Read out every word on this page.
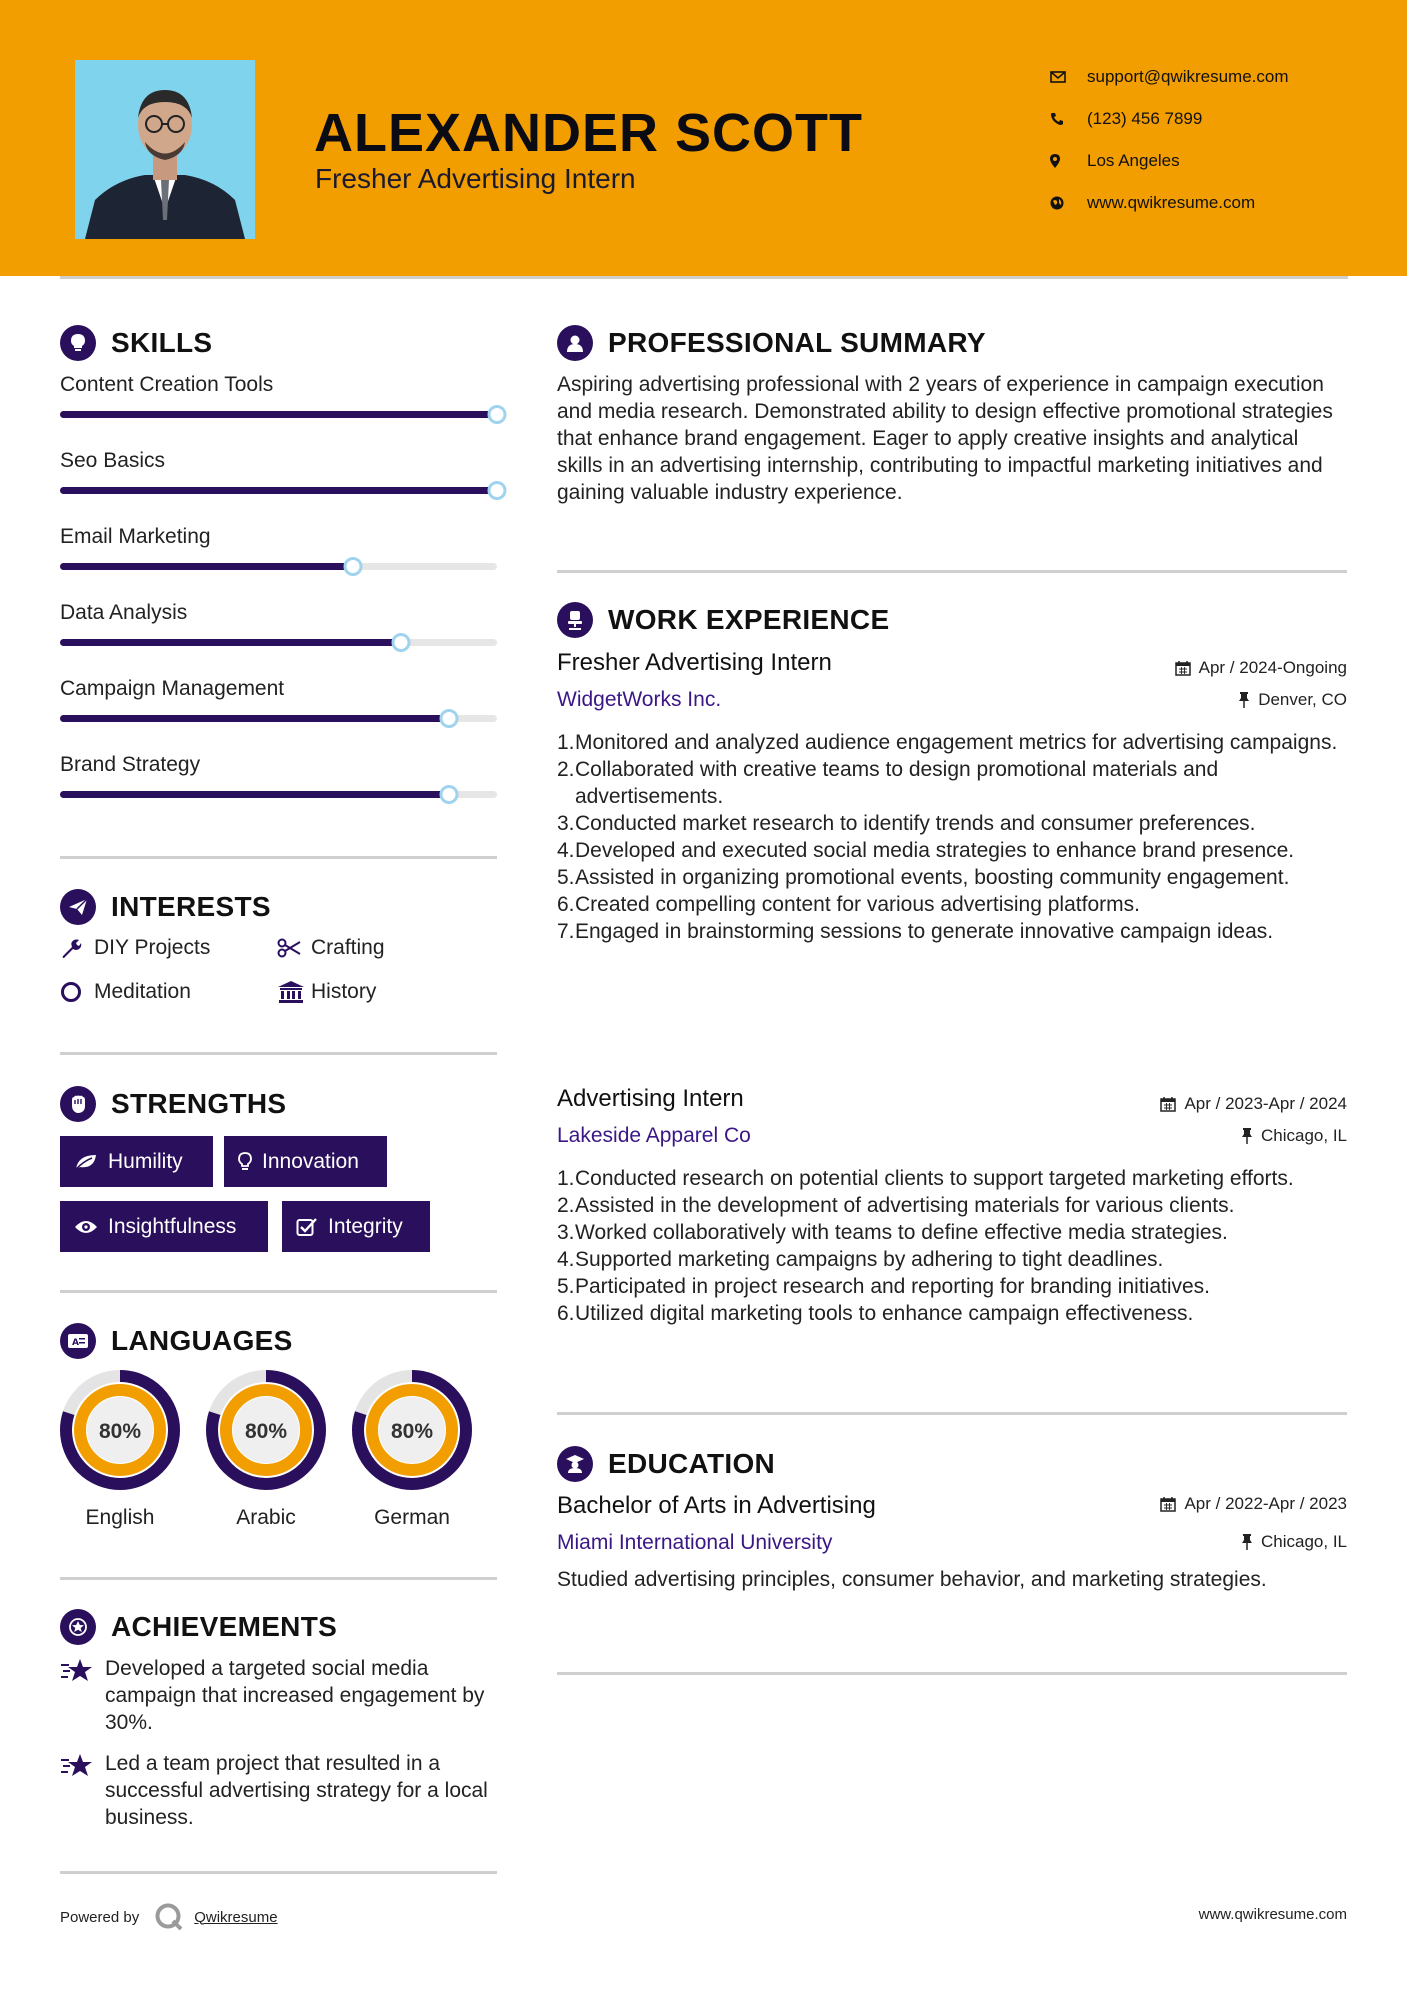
ALEXANDER SCOTT
Fresher Advertising Intern
support@qwikresume.com
(123) 456 7899
Los Angeles
www.qwikresume.com
SKILLS
Content Creation Tools
Seo Basics
Email Marketing
Data Analysis
Campaign Management
Brand Strategy
INTERESTS
DIY Projects	Crafting
Meditation	History
STRENGTHS
Humility	Innovation
Insightfulness	Integrity
A LANGUAGES
80%
English
80%
Arabic
80%
German
ACHIEVEMENTS
Developed a targeted social media campaign that increased engagement by 30%.
Led a team project that resulted in a successful advertising strategy for a local business.
PROFESSIONAL SUMMARY
Aspiring advertising professional with 2 years of experience in campaign execution and media research. Demonstrated ability to design effective promotional strategies that enhance brand engagement. Eager to apply creative insights and analytical skills in an advertising internship, contributing to impactful marketing initiatives and gaining valuable industry experience.
WORK EXPERIENCE
Fresher Advertising Intern	Apr / 2024-Ongoing
WidgetWorks Inc.	Denver, CO
1. Monitored and analyzed audience engagement metrics for advertising campaigns.
2. Collaborated with creative teams to design promotional materials and advertisements.
3. Conducted market research to identify trends and consumer preferences.
4. Developed and executed social media strategies to enhance brand presence.
5. Assisted in organizing promotional events, boosting community engagement.
6. Created compelling content for various advertising platforms.
7. Engaged in brainstorming sessions to generate innovative campaign ideas.
Advertising Intern	Apr / 2023-Apr / 2024
Lakeside Apparel Co	Chicago, IL
1. Conducted research on potential clients to support targeted marketing efforts.
2. Assisted in the development of advertising materials for various clients.
3. Worked collaboratively with teams to define effective media strategies.
4. Supported marketing campaigns by adhering to tight deadlines.
5. Participated in project research and reporting for branding initiatives.
6. Utilized digital marketing tools to enhance campaign effectiveness.
EDUCATION
Bachelor of Arts in Advertising	Apr / 2022-Apr / 2023
Miami International University	Chicago, IL
Studied advertising principles, consumer behavior, and marketing strategies.
Powered by	Qwikresume	www.qwikresume.com
